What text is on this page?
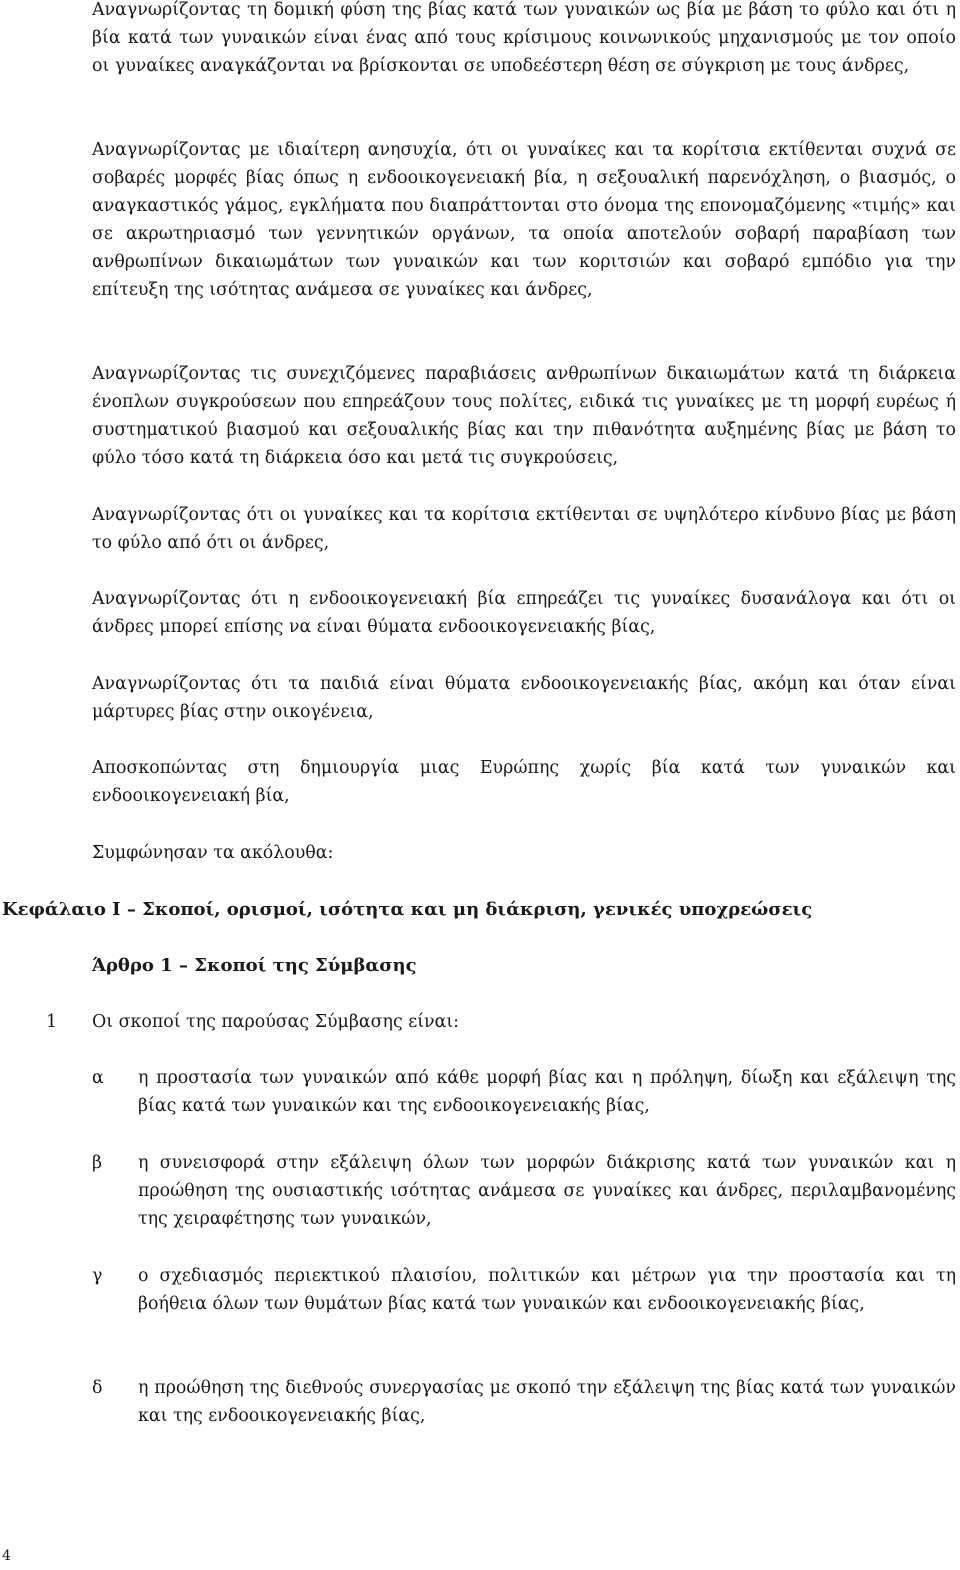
Αναγνωρίζοντας τη δομική φύση της βίας κατά των γυναικών ως βία με βάση το φύλο και ότι η βία κατά των γυναικών είναι ένας από τους κρίσιμους κοινωνικούς μηχανισμούς με τον οποίο οι γυναίκες αναγκάζονται να βρίσκονται σε υποδεέστερη θέση σε σύγκριση με τους άνδρες,

Αναγνωρίζοντας με ιδιαίτερη ανησυχία, ότι οι γυναίκες και τα κορίτσια εκτίθενται συχνά σε σοβαρές μορφές βίας όπως η ενδοοικογενειακή βία, η σεξουαλική παρενόχληση, ο βιασμός, ο αναγκαστικός γάμος, εγκλήματα που διαπράττονται στο όνομα της επονομαζόμενης «τιμής» και σε ακρωτηριασμό των γεννητικών οργάνων, τα οποία αποτελούν σοβαρή παραβίαση των ανθρωπίνων δικαιωμάτων των γυναικών και των κοριτσιών και σοβαρό εμπόδιο για την επίτευξη της ισότητας ανάμεσα σε γυναίκες και άνδρες,

Αναγνωρίζοντας τις συνεχιζόμενες παραβιάσεις ανθρωπίνων δικαιωμάτων κατά τη διάρκεια ένοπλων συγκρούσεων που επηρεάζουν τους πολίτες, ειδικά τις γυναίκες με τη μορφή ευρέως ή συστηματικού βιασμού και σεξουαλικής βίας και την πιθανότητα αυξημένης βίας με βάση το φύλο τόσο κατά τη διάρκεια όσο και μετά τις συγκρούσεις,

Αναγνωρίζοντας ότι οι γυναίκες και τα κορίτσια εκτίθενται σε υψηλότερο κίνδυνο βίας με βάση το φύλο από ότι οι άνδρες,

Αναγνωρίζοντας ότι η ενδοοικογενειακή βία επηρεάζει τις γυναίκες δυσανάλογα και ότι οι άνδρες μπορεί επίσης να είναι θύματα ενδοοικογενειακής βίας,

Αναγνωρίζοντας ότι τα παιδιά είναι θύματα ενδοοικογενειακής βίας, ακόμη και όταν είναι μάρτυρες βίας στην οικογένεια,

Αποσκοπώντας στη δημιουργία μιας Ευρώπης χωρίς βία κατά των γυναικών και ενδοοικογενειακή βία,

Συμφώνησαν τα ακόλουθα:

Κεφάλαιο I – Σκοποί, ορισμοί, ισότητα και μη διάκριση, γενικές υποχρεώσεις
Άρθρο 1 – Σκοποί της Σύμβασης
1 Οι σκοποί της παρούσας Σύμβασης είναι:

α η προστασία των γυναικών από κάθε μορφή βίας και η πρόληψη, δίωξη και εξάλειψη της βίας κατά των γυναικών και της ενδοοικογενειακής βίας,

β η συνεισφορά στην εξάλειψη όλων των μορφών διάκρισης κατά των γυναικών και η προώθηση της ουσιαστικής ισότητας ανάμεσα σε γυναίκες και άνδρες, περιλαμβανομένης της χειραφέτησης των γυναικών,

γ ο σχεδιασμός περιεκτικού πλαισίου, πολιτικών και μέτρων για την προστασία και τη βοήθεια όλων των θυμάτων βίας κατά των γυναικών και ενδοοικογενειακής βίας,

δ η προώθηση της διεθνούς συνεργασίας με σκοπό την εξάλειψη της βίας κατά των γυναικών και της ενδοοικογενειακής βίας,

4
